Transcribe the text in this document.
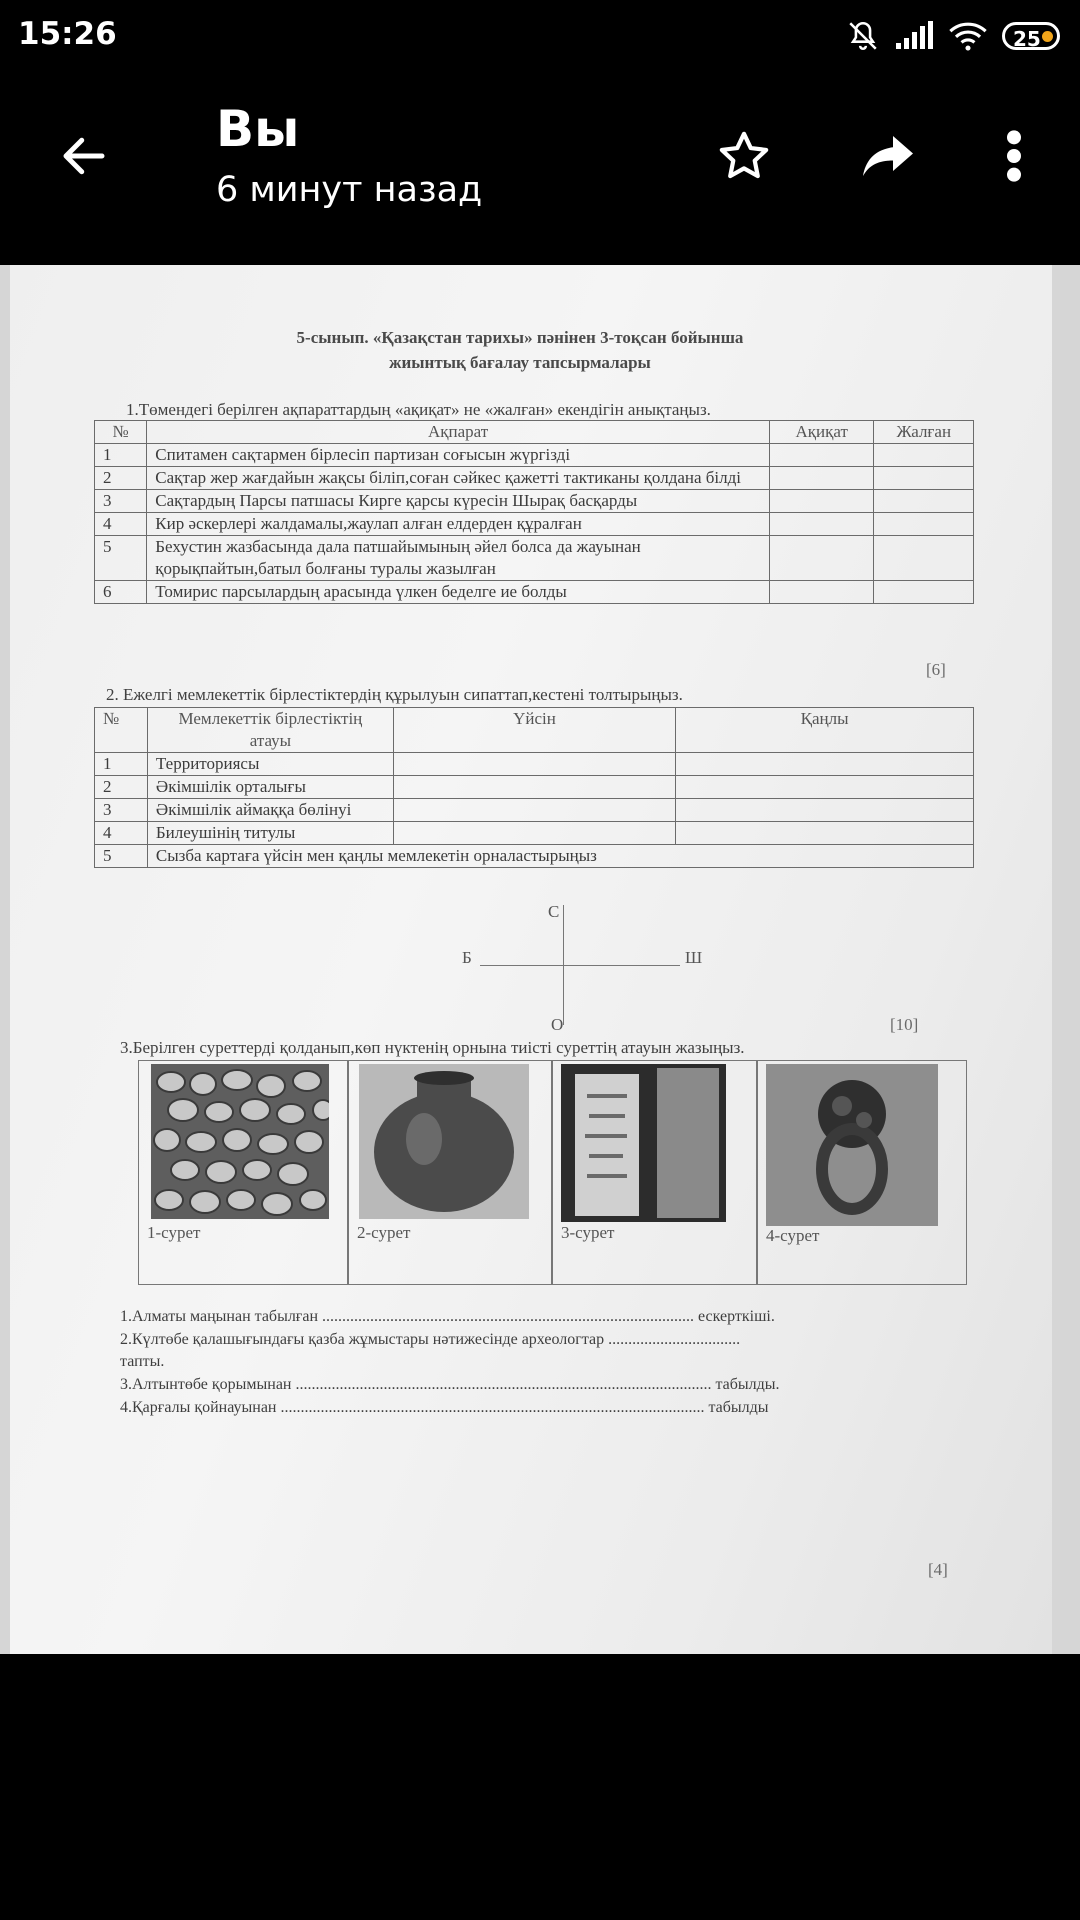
15:26	25
Вы
6 минут назад
5-сынып. «Қазақстан тарихы» пәнінен 3-тоқсан бойынша
жиынтық бағалау тапсырмалары
1.Төмендегі берілген ақпараттардың «ақиқат» не «жалған» екендігін анықтаңыз.
№	Ақпарат	Ақиқат	Жалған
1	Спитамен сақтармен бірлесіп партизан соғысын жүргізді		
2	Сақтар жер жағдайын жақсы біліп,соған сәйкес қажетті тактиканы қолдана білді		
3	Сақтардың Парсы патшасы Кирге қарсы күресін Шырақ басқарды		
4	Кир әскерлері жалдамалы,жаулап алған елдерден құралған		
5	Бехустин жазбасында дала патшайымының әйел болса да жауынан қорықпайтын,батыл болғаны туралы жазылған		
6	Томирис парсылардың арасында үлкен беделге ие болды		
[6]
2. Ежелгі мемлекеттік бірлестіктердің құрылуын сипаттап,кестені толтырыңыз.
№	Мемлекеттік бірлестіктің атауы	Үйсін	Қаңлы
1	Территориясы		
2	Әкімшілік орталығы		
3	Әкімшілік аймаққа бөлінуі		
4	Билеушінің титулы		
5	Сызба картаға үйсін мен қаңлы мемлекетін орналастырыңыз		
С
Б	Ш
О	[10]
3.Берілген суреттерді қолданып,көп нүктенің орнына тиісті суреттің атауын жазыңыз.
1-сурет	2-сурет	3-сурет	4-сурет
1.Алматы маңынан табылған ............................................................................................. ескерткіші.
2.Күлтөбе қалашығындағы қазба жұмыстары нәтижесінде археологтар .................................
тапты.
3.Алтынтөбе қорымынан ........................................................................................................ табылды.
4.Қарғалы қойнауынан .......................................................................................................... табылды
[4]
